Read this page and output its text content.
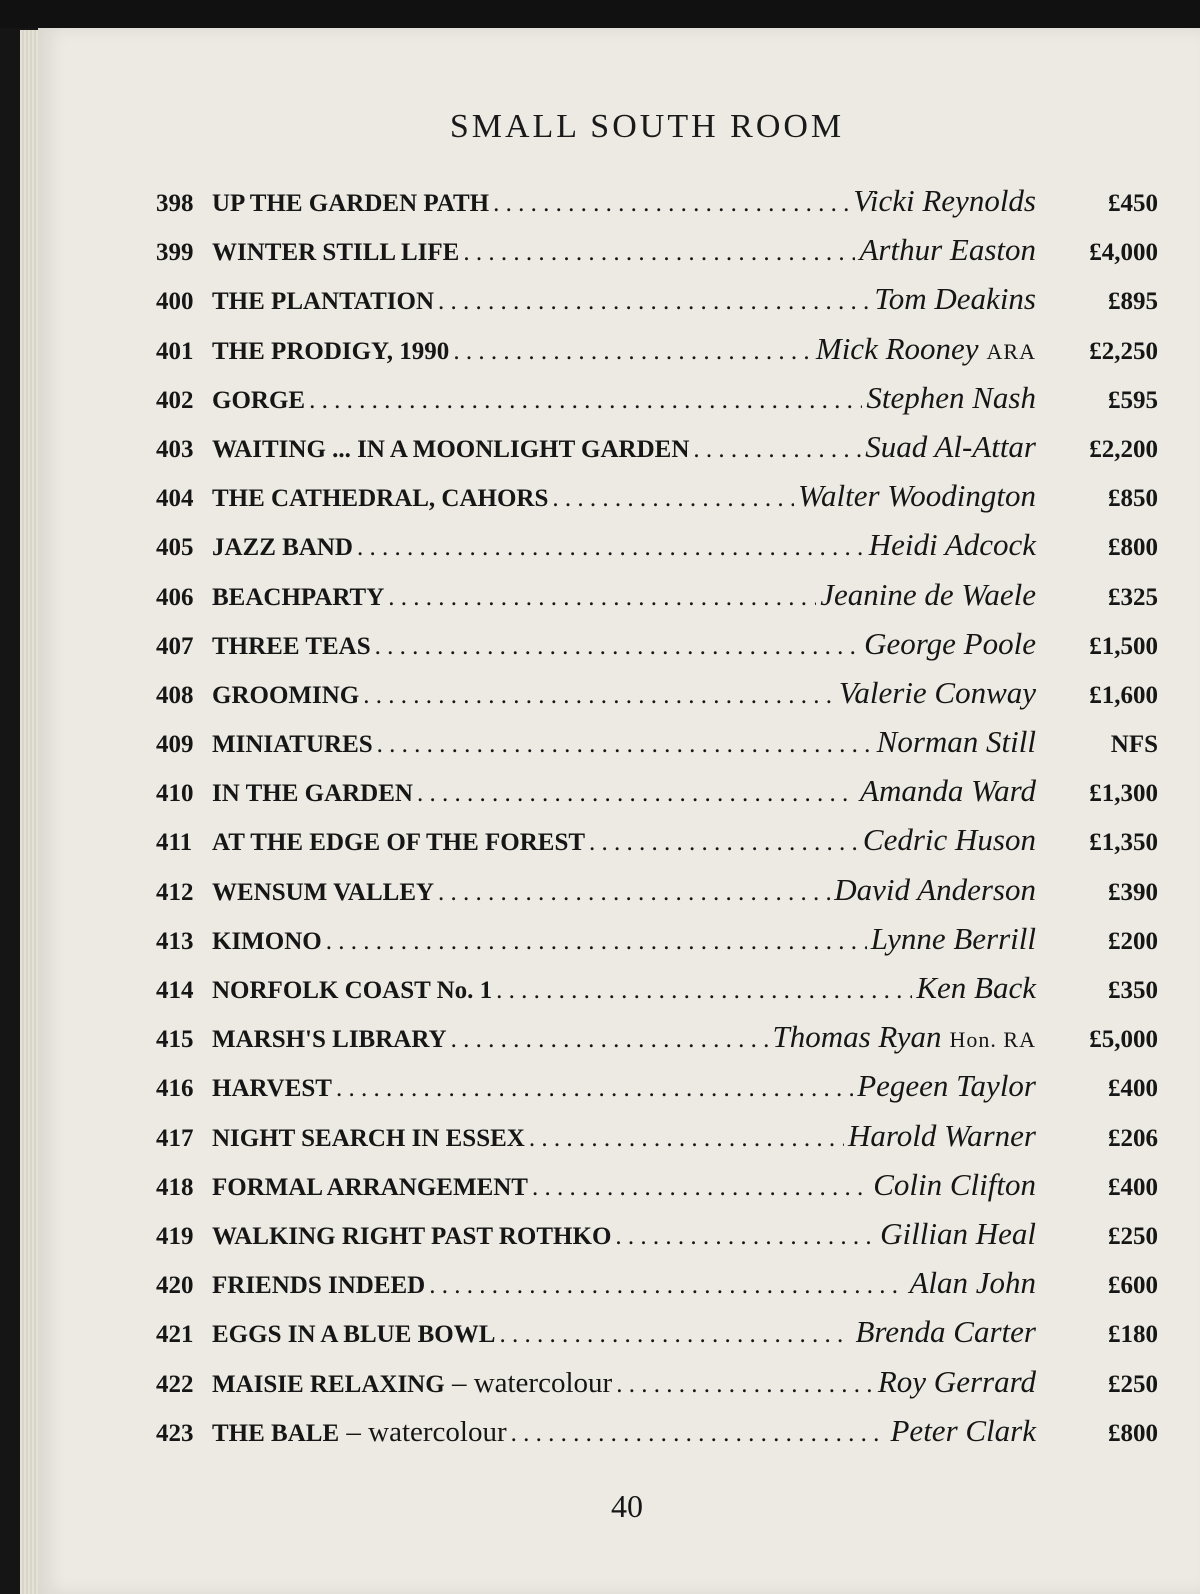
SMALL SOUTH ROOM
398 UP THE GARDEN PATH . . .	Vicki Reynolds	£450
399 WINTER STILL LIFE . . .	Arthur Easton	£4,000
400 THE PLANTATION . . .	Tom Deakins	£895
401 THE PRODIGY, 1990 . . .	Mick Rooney ARA	£2,250
402 GORGE . . .	Stephen Nash	£595
403 WAITING ... IN A MOONLIGHT GARDEN . . .	Suad Al-Attar	£2,200
404 THE CATHEDRAL, CAHORS . . .	Walter Woodington	£850
405 JAZZ BAND . . .	Heidi Adcock	£800
406 BEACHPARTY . . .	Jeanine de Waele	£325
407 THREE TEAS . . .	George Poole	£1,500
408 GROOMING . . .	Valerie Conway	£1,600
409 MINIATURES . . .	Norman Still	NFS
410 IN THE GARDEN . . .	Amanda Ward	£1,300
411 AT THE EDGE OF THE FOREST . . .	Cedric Huson	£1,350
412 WENSUM VALLEY . . .	David Anderson	£390
413 KIMONO . . .	Lynne Berrill	£200
414 NORFOLK COAST No. 1 . . .	Ken Back	£350
415 MARSH'S LIBRARY . . .	Thomas Ryan Hon. RA	£5,000
416 HARVEST . . .	Pegeen Taylor	£400
417 NIGHT SEARCH IN ESSEX . . .	Harold Warner	£206
418 FORMAL ARRANGEMENT . . .	Colin Clifton	£400
419 WALKING RIGHT PAST ROTHKO . . .	Gillian Heal	£250
420 FRIENDS INDEED . . .	Alan John	£600
421 EGGS IN A BLUE BOWL . . .	Brenda Carter	£180
422 MAISIE RELAXING – watercolour . . .	Roy Gerrard	£250
423 THE BALE – watercolour . . .	Peter Clark	£800
40
